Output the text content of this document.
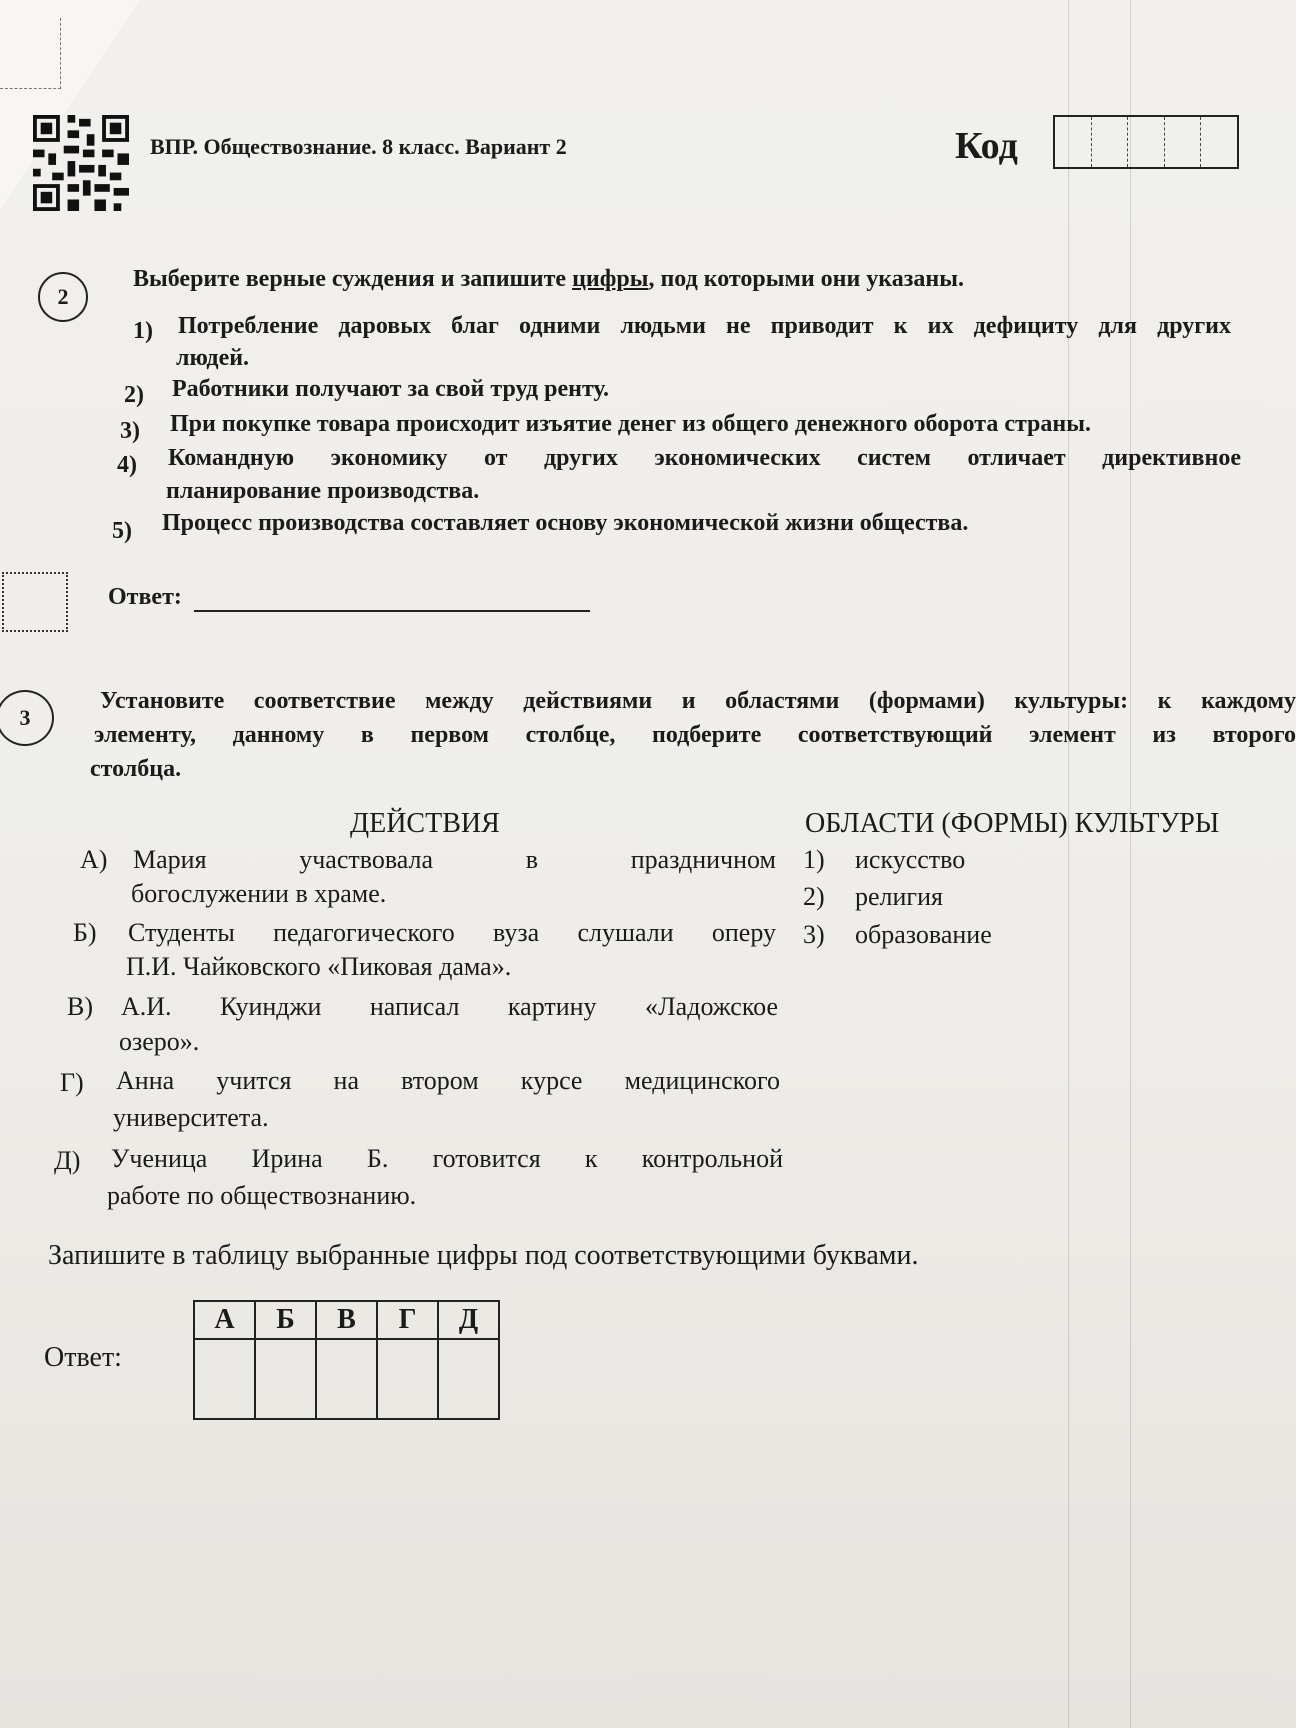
ВПР. Обществознание. 8 класс. Вариант 2	Код
2
Выберите верные суждения и запишите цифры, под которыми они указаны.
1) Потребление даровых благ одними людьми не приводит к их дефициту для других
людей.
2) Работники получают за свой труд ренту.
3) При покупке товара происходит изъятие денег из общего денежного оборота страны.
4) Командную экономику от других экономических систем отличает директивное
планирование производства.
5) Процесс производства составляет основу экономической жизни общества.
Ответ:
3
Установите соответствие между действиями и областями (формами) культуры: к каждому
элементу, данному в первом столбце, подберите соответствующий элемент из второго
столбца.
ДЕЙСТВИЯ	ОБЛАСТИ (ФОРМЫ) КУЛЬТУРЫ
А) Мария участвовала в праздничном
богослужении в храме.
Б) Студенты педагогического вуза слушали оперу
П.И. Чайковского «Пиковая дама».
В) А.И. Куинджи написал картину «Ладожское
озеро».
Г) Анна учится на втором курсе медицинского
университета.
Д) Ученица Ирина Б. готовится к контрольной
работе по обществознанию.
1) искусство
2) религия
3) образование
Запишите в таблицу выбранные цифры под соответствующими буквами.
Ответ:
А	Б	В	Г	Д
